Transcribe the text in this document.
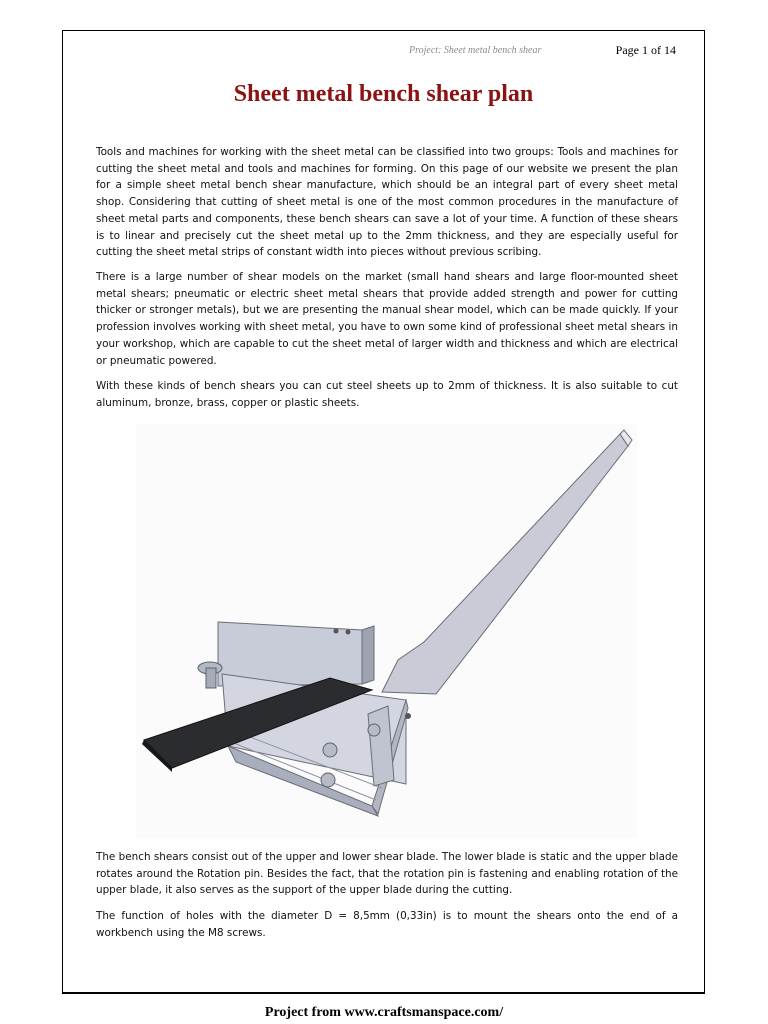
Project: Sheet metal bench shear	Page 1 of 14
Sheet metal bench shear plan

Tools and machines for working with the sheet metal can be classified into two groups: Tools and machines for cutting the sheet metal and tools and machines for forming. On this page of our website we present the plan for a simple sheet metal bench shear manufacture, which should be an integral part of every sheet metal shop. Considering that cutting of sheet metal is one of the most common procedures in the manufacture of sheet metal parts and components, these bench shears can save a lot of your time. A function of these shears is to linear and precisely cut the sheet metal up to the 2mm thickness, and they are especially useful for cutting the sheet metal strips of constant width into pieces without previous scribing.

There is a large number of shear models on the market (small hand shears and large floor-mounted sheet metal shears; pneumatic or electric sheet metal shears that provide added strength and power for cutting thicker or stronger metals), but we are presenting the manual shear model, which can be made quickly. If your profession involves working with sheet metal, you have to own some kind of professional sheet metal shears in your workshop, which are capable to cut the sheet metal of larger width and thickness and which are electrical or pneumatic powered.

With these kinds of bench shears you can cut steel sheets up to 2mm of thickness. It is also suitable to cut aluminum, bronze, brass, copper or plastic sheets.

The bench shears consist out of the upper and lower shear blade. The lower blade is static and the upper blade rotates around the Rotation pin. Besides the fact, that the rotation pin is fastening and enabling rotation of the upper blade, it also serves as the support of the upper blade during the cutting.

The function of holes with the diameter D = 8,5mm (0,33in) is to mount the shears onto the end of a workbench using the M8 screws.

Project from www.craftsmanspace.com/
